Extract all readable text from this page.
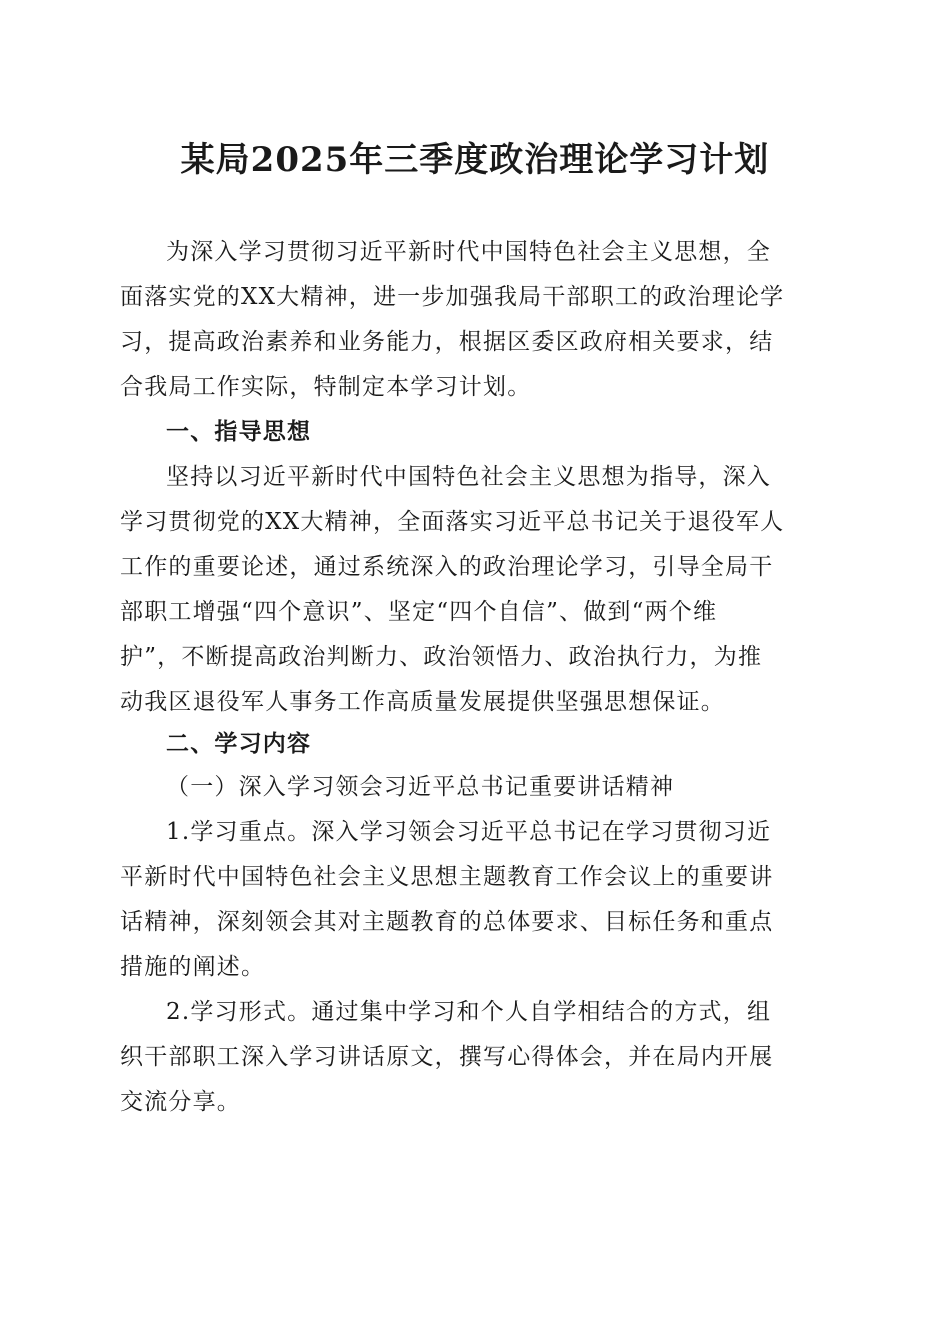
某局2025年三季度政治理论学习计划
为深入学习贯彻习近平新时代中国特色社会主义思想，全
面落实党的XX大精神，进一步加强我局干部职工的政治理论学
习，提高政治素养和业务能力，根据区委区政府相关要求，结
合我局工作实际，特制定本学习计划。
一、指导思想
坚持以习近平新时代中国特色社会主义思想为指导，深入
学习贯彻党的XX大精神，全面落实习近平总书记关于退役军人
工作的重要论述，通过系统深入的政治理论学习，引导全局干
部职工增强“四个意识”、坚定“四个自信”、做到“两个维
护”，不断提高政治判断力、政治领悟力、政治执行力，为推
动我区退役军人事务工作高质量发展提供坚强思想保证。
二、学习内容
（一）深入学习领会习近平总书记重要讲话精神
1.学习重点。深入学习领会习近平总书记在学习贯彻习近
平新时代中国特色社会主义思想主题教育工作会议上的重要讲
话精神，深刻领会其对主题教育的总体要求、目标任务和重点
措施的阐述。
2.学习形式。通过集中学习和个人自学相结合的方式，组
织干部职工深入学习讲话原文，撰写心得体会，并在局内开展
交流分享。
